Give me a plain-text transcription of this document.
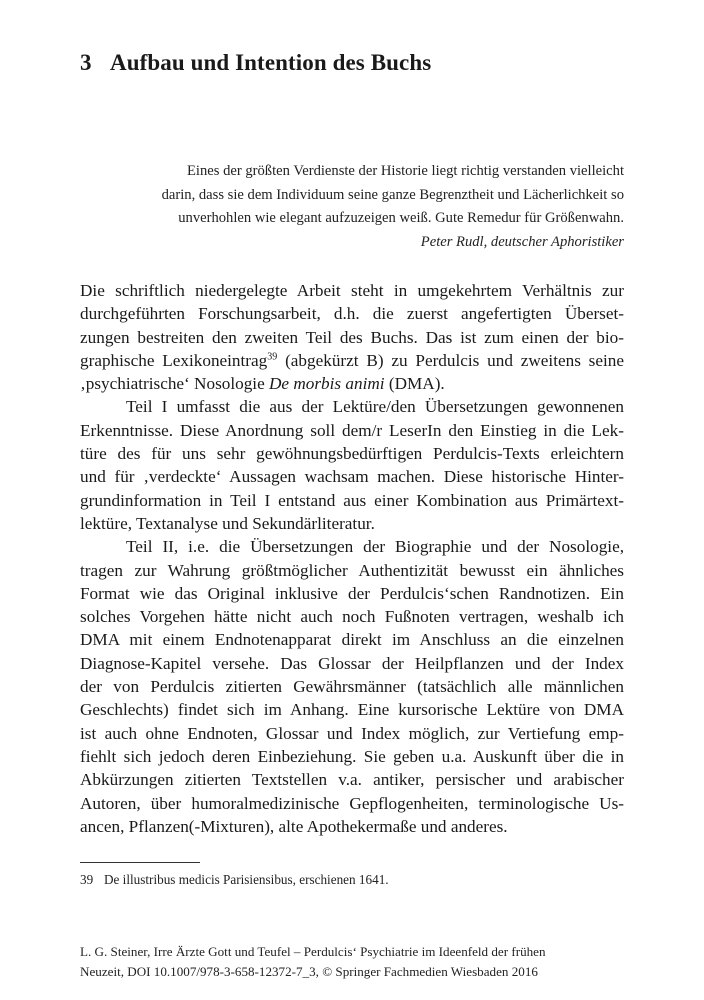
3 Aufbau und Intention des Buchs
Eines der größten Verdienste der Historie liegt richtig verstanden vielleicht
darin, dass sie dem Individuum seine ganze Begrenztheit und Lächerlichkeit so
unverhohlen wie elegant aufzuzeigen weiß. Gute Remedur für Größenwahn.
Peter Rudl, deutscher Aphoristiker
Die schriftlich niedergelegte Arbeit steht in umgekehrtem Verhältnis zur
durchgeführten Forschungsarbeit, d.h. die zuerst angefertigten Überset-
zungen bestreiten den zweiten Teil des Buchs. Das ist zum einen der bio-
graphische Lexikoneintrag$^{39}$ (abgekürzt B) zu Perdulcis und zweitens seine
‚psychiatrische‘ Nosologie De morbis animi (DMA).
Teil I umfasst die aus der Lektüre/den Übersetzungen gewonnenen
Erkenntnisse. Diese Anordnung soll dem/r LeserIn den Einstieg in die Lek-
türe des für uns sehr gewöhnungsbedürftigen Perdulcis-Texts erleichtern
und für ‚verdeckte‘ Aussagen wachsam machen. Diese historische Hinter-
grundinformation in Teil I entstand aus einer Kombination aus Primärtext-
lektüre, Textanalyse und Sekundärliteratur.
Teil II, i.e. die Übersetzungen der Biographie und der Nosologie,
tragen zur Wahrung größtmöglicher Authentizität bewusst ein ähnliches
Format wie das Original inklusive der Perdulcis‘schen Randnotizen. Ein
solches Vorgehen hätte nicht auch noch Fußnoten vertragen, weshalb ich
DMA mit einem Endnotenapparat direkt im Anschluss an die einzelnen
Diagnose-Kapitel versehe. Das Glossar der Heilpflanzen und der Index
der von Perdulcis zitierten Gewährsmänner (tatsächlich alle männlichen
Geschlechts) findet sich im Anhang. Eine kursorische Lektüre von DMA
ist auch ohne Endnoten, Glossar und Index möglich, zur Vertiefung emp-
fiehlt sich jedoch deren Einbeziehung. Sie geben u.a. Auskunft über die in
Abkürzungen zitierten Textstellen v.a. antiker, persischer und arabischer
Autoren, über humoralmedizinische Gepflogenheiten, terminologische Us-
ancen, Pflanzen(-Mixturen), alte Apothekermaße und anderes.
39 De illustribus medicis Parisiensibus, erschienen 1641.
L. G. Steiner, Irre Ärzte Gott und Teufel – Perdulcis‘ Psychiatrie im Ideenfeld der frühen
Neuzeit, DOI 10.1007/978-3-658-12372-7_3, © Springer Fachmedien Wiesbaden 2016
